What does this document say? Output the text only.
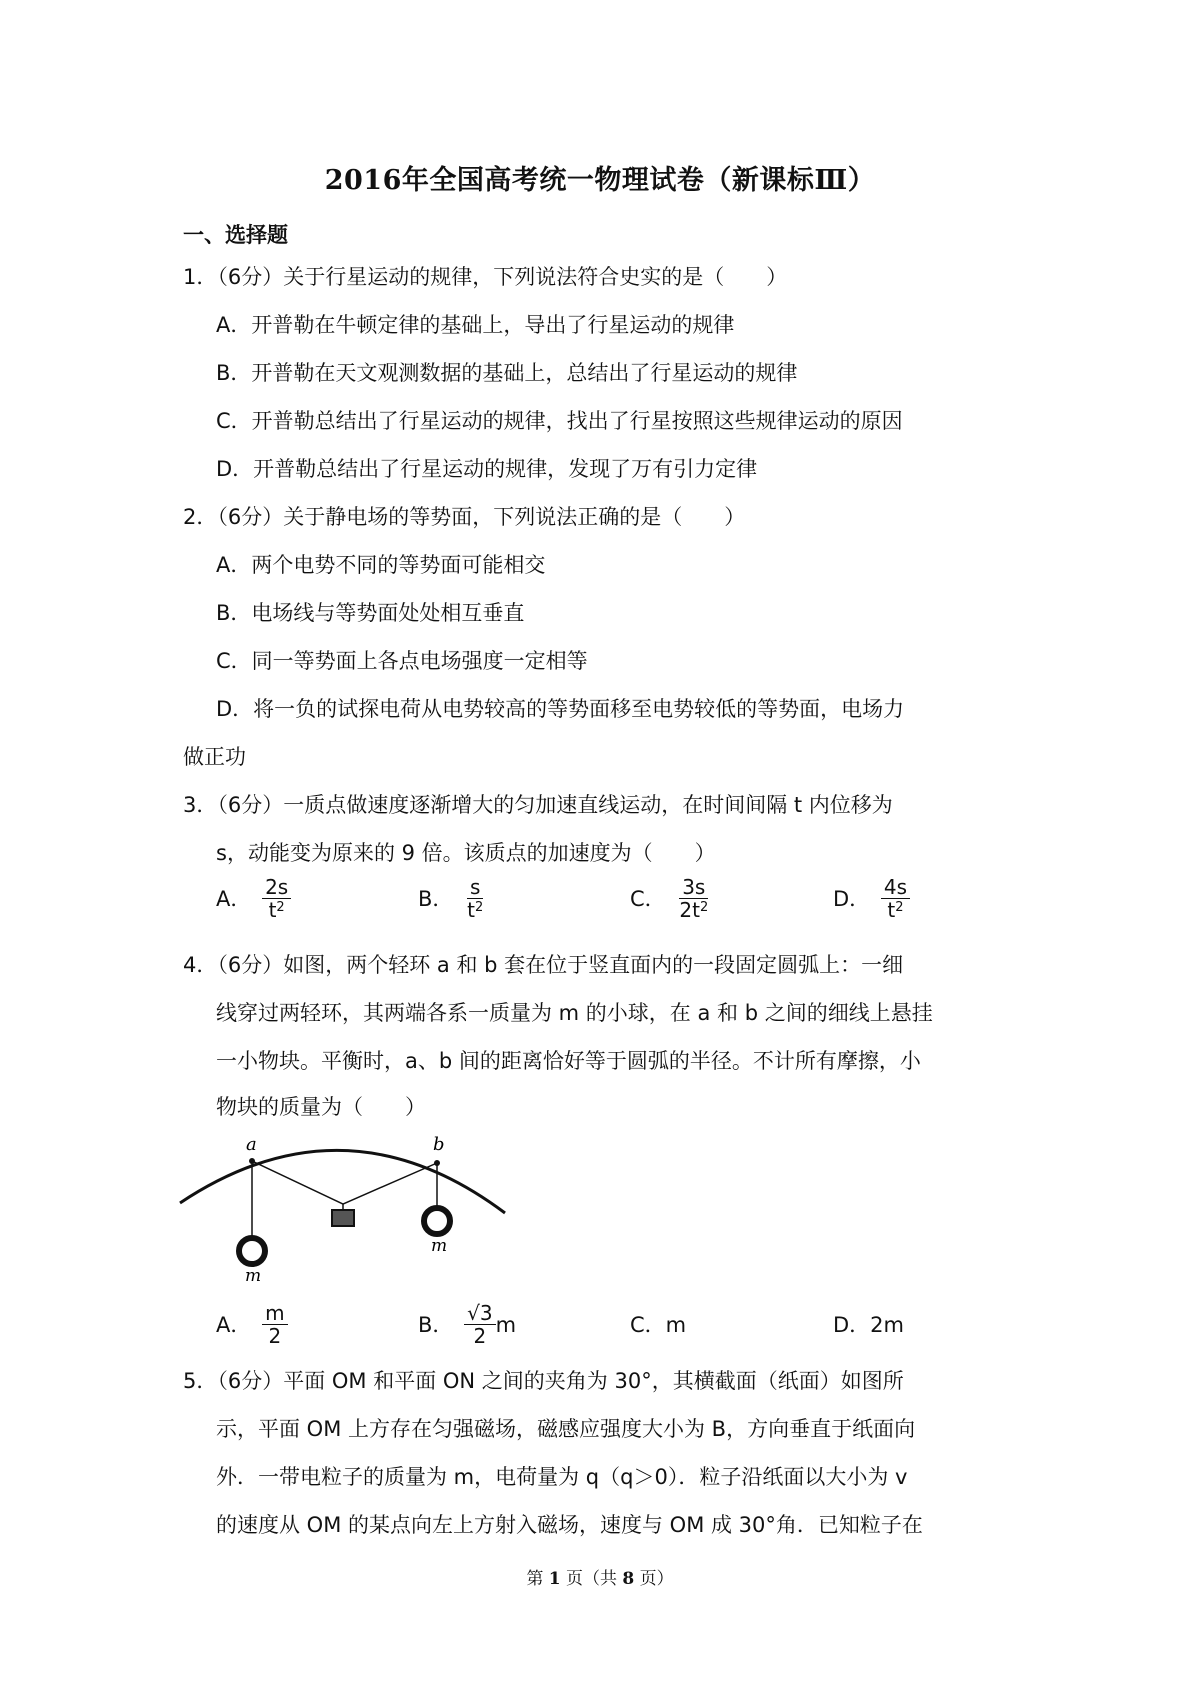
2016年全国高考统一物理试卷（新课标Ⅲ）
一、选择题
1．（6分）关于行星运动的规律，下列说法符合史实的是（　　）
A．开普勒在牛顿定律的基础上，导出了行星运动的规律
B．开普勒在天文观测数据的基础上，总结出了行星运动的规律
C．开普勒总结出了行星运动的规律，找出了行星按照这些规律运动的原因
D．开普勒总结出了行星运动的规律，发现了万有引力定律
2．（6分）关于静电场的等势面，下列说法正确的是（　　）
A．两个电势不同的等势面可能相交
B．电场线与等势面处处相互垂直
C．同一等势面上各点电场强度一定相等
D．将一负的试探电荷从电势较高的等势面移至电势较低的等势面，电场力
做正功
3．（6分）一质点做速度逐渐增大的匀加速直线运动，在时间间隔 t 内位移为
s，动能变为原来的 9 倍。该质点的加速度为（　　）
A． $\frac{2s}{t^2}$	B． $\frac{s}{t^2}$	C． $\frac{3s}{2t^2}$	D． $\frac{4s}{t^2}$
4．（6分）如图，两个轻环 a 和 b 套在位于竖直面内的一段固定圆弧上：一细
线穿过两轻环，其两端各系一质量为 m 的小球，在 a 和 b 之间的细线上悬挂
一小物块。平衡时，a、b 间的距离恰好等于圆弧的半径。不计所有摩擦，小
物块的质量为（　　）
a	b
m
m
A． $\frac{m}{2}$	B． $\frac{√3}{2}$ m	C．m	D．2m
5．（6分）平面 OM 和平面 ON 之间的夹角为 30°，其横截面（纸面）如图所
示，平面 OM 上方存在匀强磁场，磁感应强度大小为 B，方向垂直于纸面向
外．一带电粒子的质量为 m，电荷量为 q（q＞0）．粒子沿纸面以大小为 v
的速度从 OM 的某点向左上方射入磁场，速度与 OM 成 30°角．已知粒子在
第 1 页（共 8 页）
